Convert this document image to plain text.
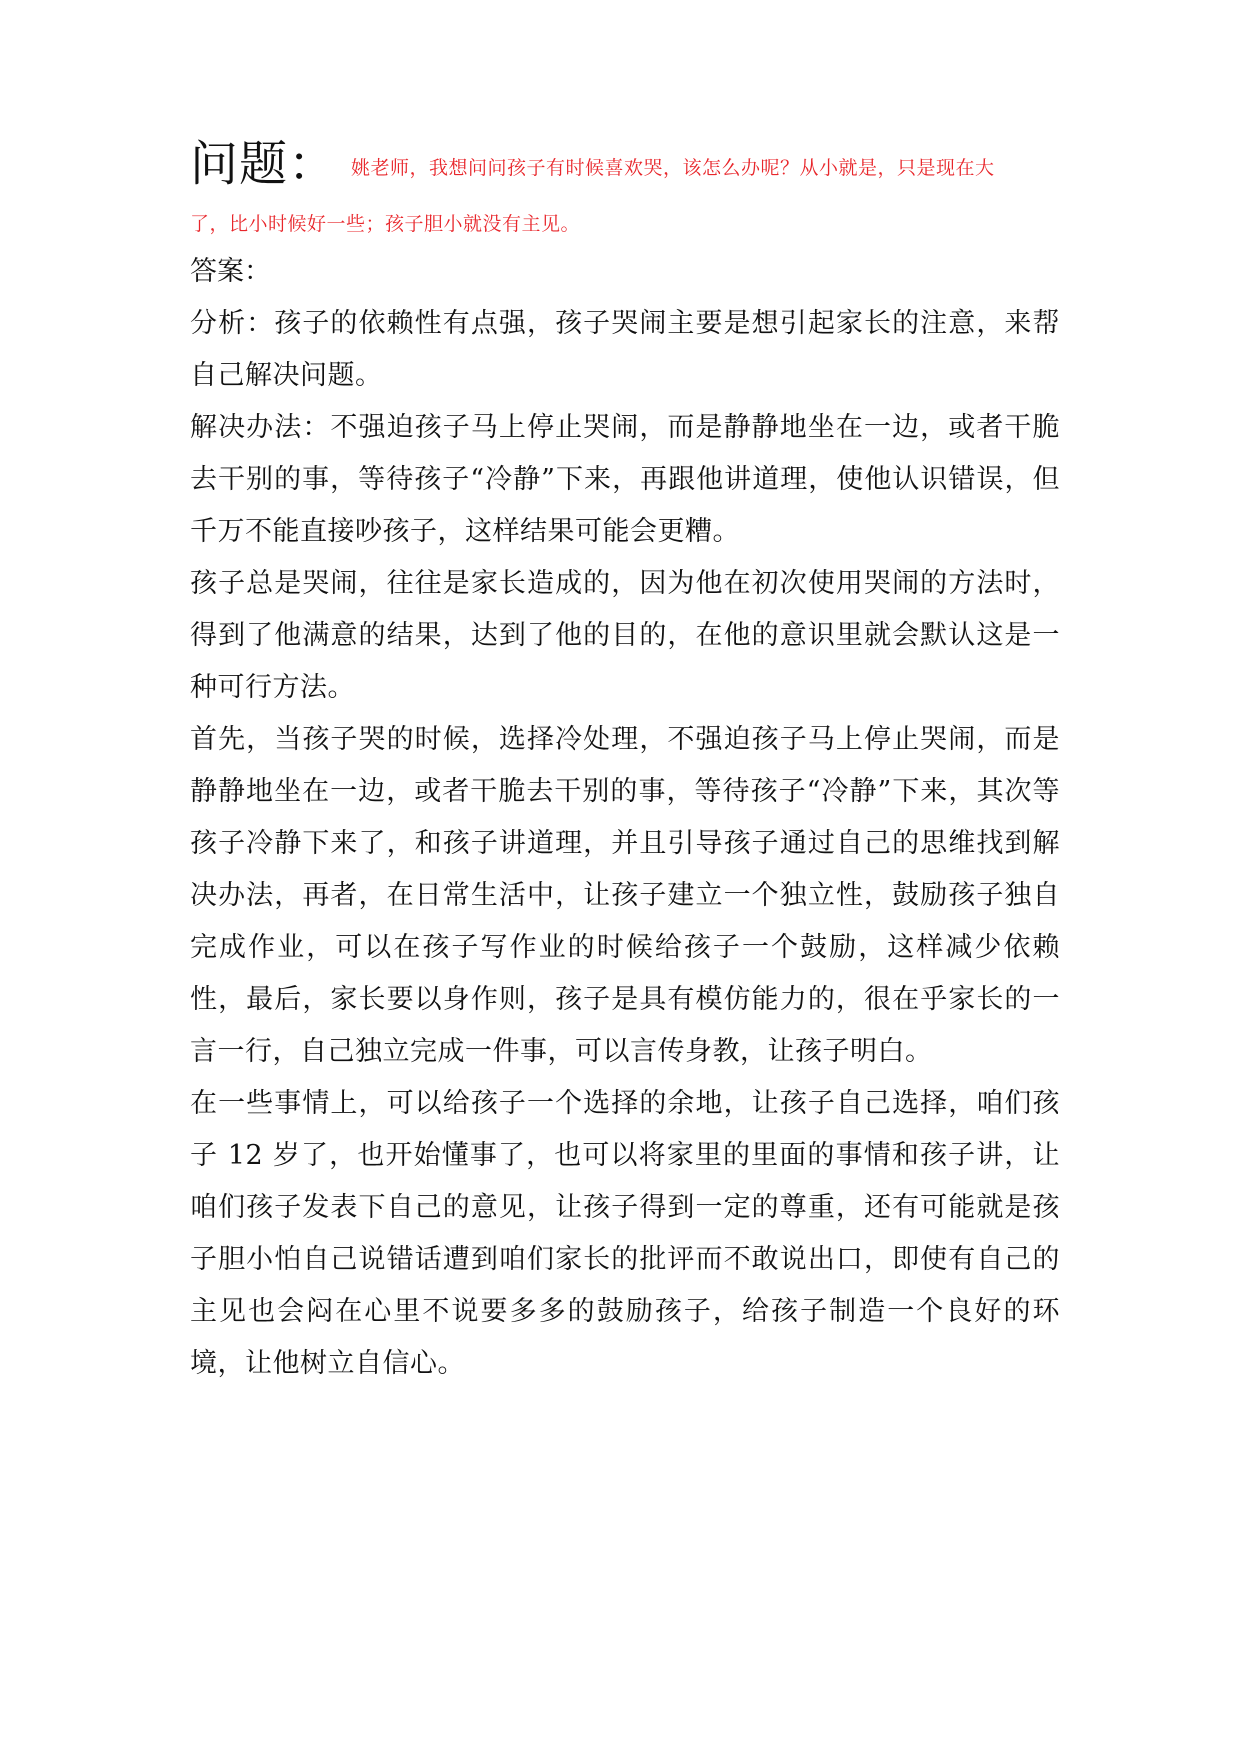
问题： 姚老师，我想问问孩子有时候喜欢哭，该怎么办呢？从小就是，只是现在大
了，比小时候好一些；孩子胆小就没有主见。
答案：
分析：孩子的依赖性有点强，孩子哭闹主要是想引起家长的注意，来帮自己解决问题。
解决办法：不强迫孩子马上停止哭闹，而是静静地坐在一边，或者干脆去干别的事，等待孩子“冷静”下来，再跟他讲道理，使他认识错误，但千万不能直接吵孩子，这样结果可能会更糟。
孩子总是哭闹，往往是家长造成的，因为他在初次使用哭闹的方法时，得到了他满意的结果，达到了他的目的，在他的意识里就会默认这是一种可行方法。
首先，当孩子哭的时候，选择冷处理，不强迫孩子马上停止哭闹，而是静静地坐在一边，或者干脆去干别的事，等待孩子“冷静”下来，其次等孩子冷静下来了，和孩子讲道理，并且引导孩子通过自己的思维找到解决办法，再者，在日常生活中，让孩子建立一个独立性，鼓励孩子独自完成作业，可以在孩子写作业的时候给孩子一个鼓励，这样减少依赖性，最后，家长要以身作则，孩子是具有模仿能力的，很在乎家长的一言一行，自己独立完成一件事，可以言传身教，让孩子明白。
在一些事情上，可以给孩子一个选择的余地，让孩子自己选择，咱们孩子 12 岁了，也开始懂事了，也可以将家里的里面的事情和孩子讲，让咱们孩子发表下自己的意见，让孩子得到一定的尊重，还有可能就是孩子胆小怕自己说错话遭到咱们家长的批评而不敢说出口，即使有自己的主见也会闷在心里不说要多多的鼓励孩子，给孩子制造一个良好的环境，让他树立自信心。
